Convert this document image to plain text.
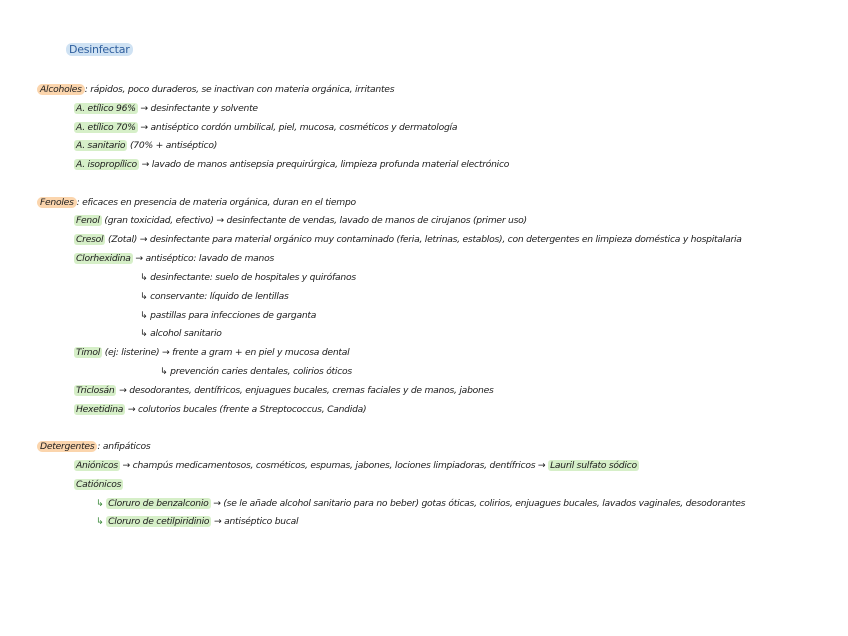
Desinfectar
Alcoholes : rápidos, poco duraderos, se inactivan con materia orgánica, irritantes
A. etílico 96% → desinfectante y solvente
A. etílico 70% → antiséptico cordón umbilical, piel, mucosa, cosméticos y dermatología
A. sanitario (70% + antiséptico)
A. isopropílico → lavado de manos antisepsia prequirúrgica, limpieza profunda material electrónico
Fenoles : eficaces en presencia de materia orgánica, duran en el tiempo
Fenol (gran toxicidad, efectivo) → desinfectante de vendas, lavado de manos de cirujanos (primer uso)
Cresol (Zotal) → desinfectante para material orgánico muy contaminado (feria, letrinas, establos), con detergentes en limpieza doméstica y hospitalaria
Clorhexidina → antiséptico: lavado de manos
↳ desinfectante: suelo de hospitales y quirófanos
↳ conservante: líquido de lentillas
↳ pastillas para infecciones de garganta
↳ alcohol sanitario
Timol (ej: listerine) → frente a gram + en piel y mucosa dental
↳ prevención caries dentales, colirios óticos
Triclosán → desodorantes, dentífricos, enjuagues bucales, cremas faciales y de manos, jabones
Hexetidina → colutorios bucales (frente a Streptococcus, Candida)
Detergentes : anfipáticos
Aniónicos → champús medicamentosos, cosméticos, espumas, jabones, lociones limpiadoras, dentífricos → Lauril sulfato sódico
Catiónicos
↳ Cloruro de benzalconio → (se le añade alcohol sanitario para no beber) gotas óticas, colirios, enjuagues bucales, lavados vaginales, desodorantes
↳ Cloruro de cetilpiridinio → antiséptico bucal
